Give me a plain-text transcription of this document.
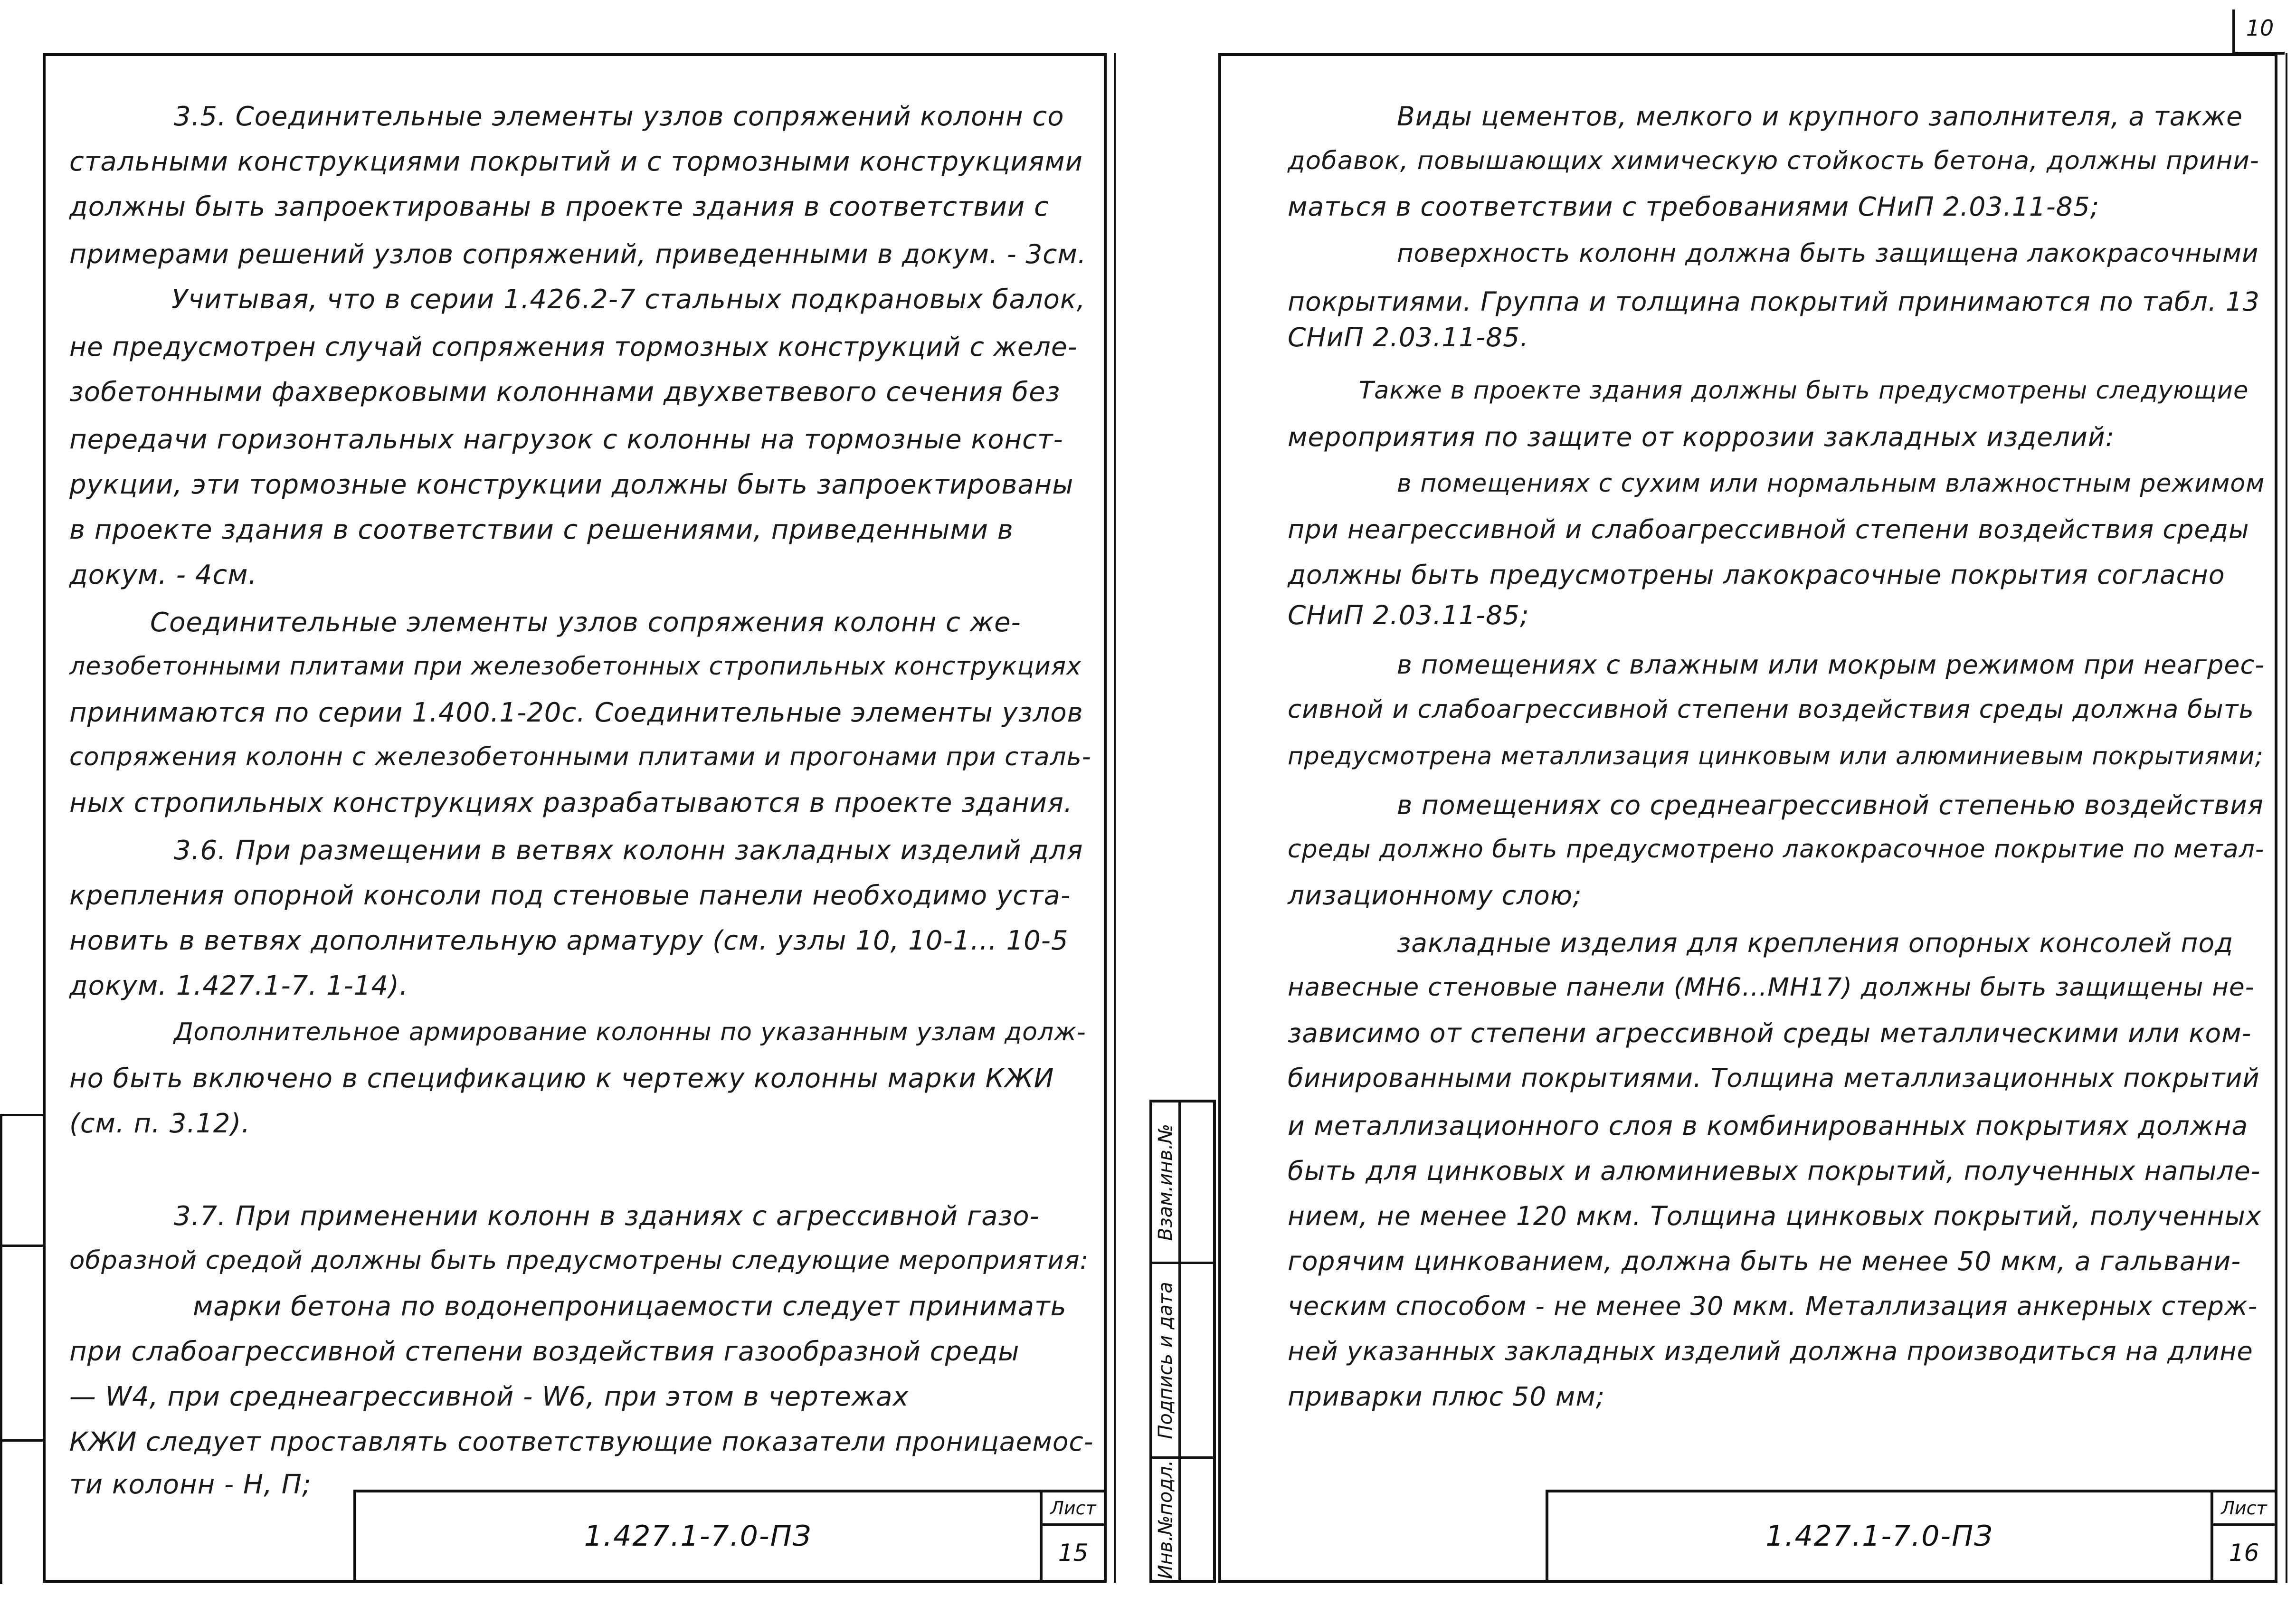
10
3.5. Соединительные элементы узлов сопряжений колонн со
стальными конструкциями покрытий и с тормозными конструкциями
должны быть запроектированы в проекте здания в соответствии с
примерами решений узлов сопряжений, приведенными в докум. - 3см.
Учитывая, что в серии 1.426.2-7 стальных подкрановых балок,
не предусмотрен случай сопряжения тормозных конструкций с желе-
зобетонными фахверковыми колоннами двухветвевого сечения без
передачи горизонтальных нагрузок с колонны на тормозные конст-
рукции, эти тормозные конструкции должны быть запроектированы
в проекте здания в соответствии с решениями, приведенными в
докум. - 4см.
Соединительные элементы узлов сопряжения колонн с же-
лезобетонными плитами при железобетонных стропильных конструкциях
принимаются по серии 1.400.1-20с. Соединительные элементы узлов
сопряжения колонн с железобетонными плитами и прогонами при сталь-
ных стропильных конструкциях разрабатываются в проекте здания.
3.6. При размещении в ветвях колонн закладных изделий для
крепления опорной консоли под стеновые панели необходимо уста-
новить в ветвях дополнительную арматуру (см. узлы 10, 10-1... 10-5
докум. 1.427.1-7. 1-14).
Дополнительное армирование колонны по указанным узлам долж-
но быть включено в спецификацию к чертежу колонны марки КЖИ
(см. п. 3.12).
3.7. При применении колонн в зданиях с агрессивной газо-
образной средой должны быть предусмотрены следующие мероприятия:
марки бетона по водонепроницаемости следует принимать
при слабоагрессивной степени воздействия газообразной среды
— W4, при среднеагрессивной - W6, при этом в чертежах
КЖИ следует проставлять соответствующие показатели проницаемос-
ти колонн - Н, П;
1.427.1-7.0-ПЗ
Лист
15
Взам.инв.№
Подпись и дата
Инв.№подл.
Виды цементов, мелкого и крупного заполнителя, а также
добавок, повышающих химическую стойкость бетона, должны прини-
маться в соответствии с требованиями СНиП 2.03.11-85;
поверхность колонн должна быть защищена лакокрасочными
покрытиями. Группа и толщина покрытий принимаются по табл. 13
СНиП 2.03.11-85.
Также в проекте здания должны быть предусмотрены следующие
мероприятия по защите от коррозии закладных изделий:
в помещениях с сухим или нормальным влажностным режимом
при неагрессивной и слабоагрессивной степени воздействия среды
должны быть предусмотрены лакокрасочные покрытия согласно
СНиП 2.03.11-85;
в помещениях с влажным или мокрым режимом при неагрес-
сивной и слабоагрессивной степени воздействия среды должна быть
предусмотрена металлизация цинковым или алюминиевым покрытиями;
в помещениях со среднеагрессивной степенью воздействия
среды должно быть предусмотрено лакокрасочное покрытие по метал-
лизационному слою;
закладные изделия для крепления опорных консолей под
навесные стеновые панели (МН6...МН17) должны быть защищены не-
зависимо от степени агрессивной среды металлическими или ком-
бинированными покрытиями. Толщина металлизационных покрытий
и металлизационного слоя в комбинированных покрытиях должна
быть для цинковых и алюминиевых покрытий, полученных напыле-
нием, не менее 120 мкм. Толщина цинковых покрытий, полученных
горячим цинкованием, должна быть не менее 50 мкм, а гальвани-
ческим способом - не менее 30 мкм. Металлизация анкерных стерж-
ней указанных закладных изделий должна производиться на длине
приварки плюс 50 мм;
1.427.1-7.0-ПЗ
Лист
16
